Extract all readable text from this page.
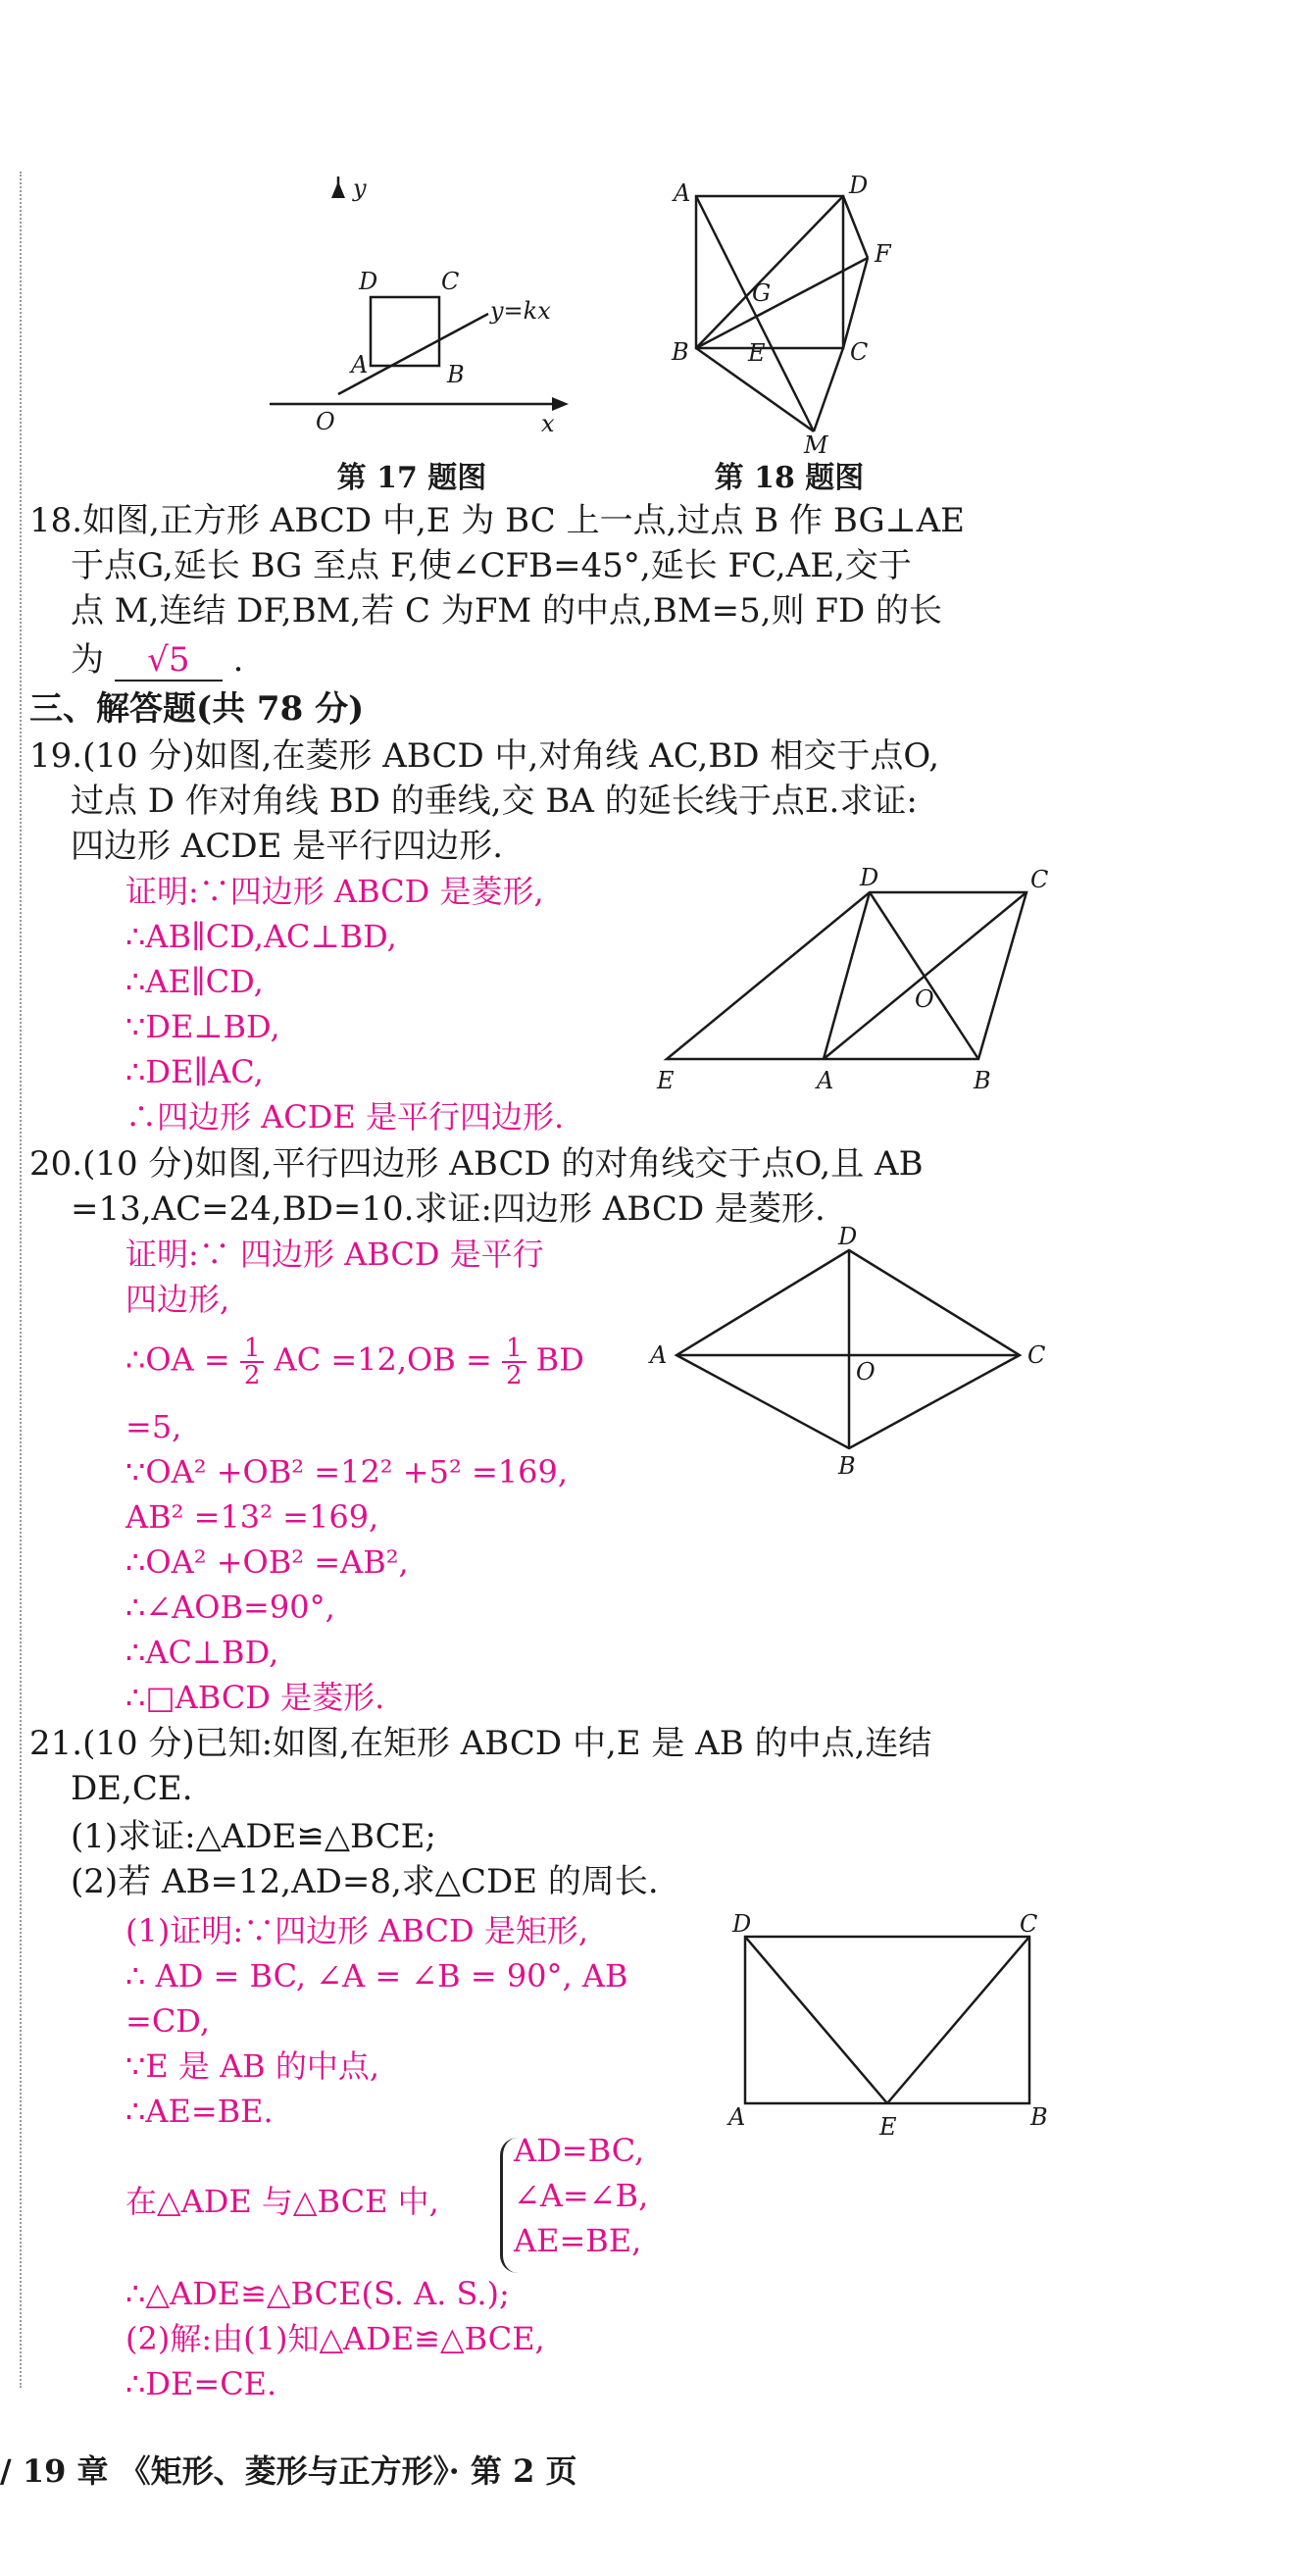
y
x
O
A	B
C
D
y=kx
A	D
F
G
B	E	C
M
第 17 题图	第 18 题图
18.如图,正方形 ABCD 中,E 为 BC 上一点,过点 B 作 BG⊥AE
于点G,延长 BG 至点 F,使∠CFB=45°,延长 FC,AE,交于
点 M,连结 DF,BM,若 C 为FM 的中点,BM=5,则 FD 的长
为 √5 .
三、解答题(共 78 分)
19.(10 分)如图,在菱形 ABCD 中,对角线 AC,BD 相交于点O,
过点 D 作对角线 BD 的垂线,交 BA 的延长线于点E.求证:
四边形 ACDE 是平行四边形.
证明:∵四边形 ABCD 是菱形,
∴AB∥CD,AC⊥BD,
∴AE∥CD,
∵DE⊥BD,
∴DE∥AC,
∴四边形 ACDE 是平行四边形.
D	C
O
E	A	B
20.(10 分)如图,平行四边形 ABCD 的对角线交于点O,且 AB
=13,AC=24,BD=10.求证:四边形 ABCD 是菱形.
证明:∵ 四边形 ABCD 是平行
四边形,
∴OA = $\frac{1}{2}$ AC $=12,OB = \frac{1}{2}$ BD
=5,
∵OA² +OB² =12² +5² =169,
AB² =13² =169,
∴OA² +OB² =AB²,
∴∠AOB=90°,
∴AC⊥BD,
∴□ABCD 是菱形.
D
A
O
C
B
21.(10 分)已知:如图,在矩形 ABCD 中,E 是 AB 的中点,连结
DE,CE.
(1)求证:△ADE≌△BCE;
(2)若 AB=12,AD=8,求△CDE 的周长.
(1)证明:∵四边形 ABCD 是矩形,
∴ AD = BC, ∠A = ∠B = 90°, AB
=CD,
∵E 是 AB 的中点,
∴AE=BE.
在△ADE 与△BCE 中,
AD=BC,
∠A=∠B,
AE=BE,
∴△ADE≌△BCE(S. A. S.);
(2)解:由(1)知△ADE≌△BCE,
∴DE=CE.
D	C
A	E	B
/ 19 章 《矩形、菱形与正方形》· 第 2 页
